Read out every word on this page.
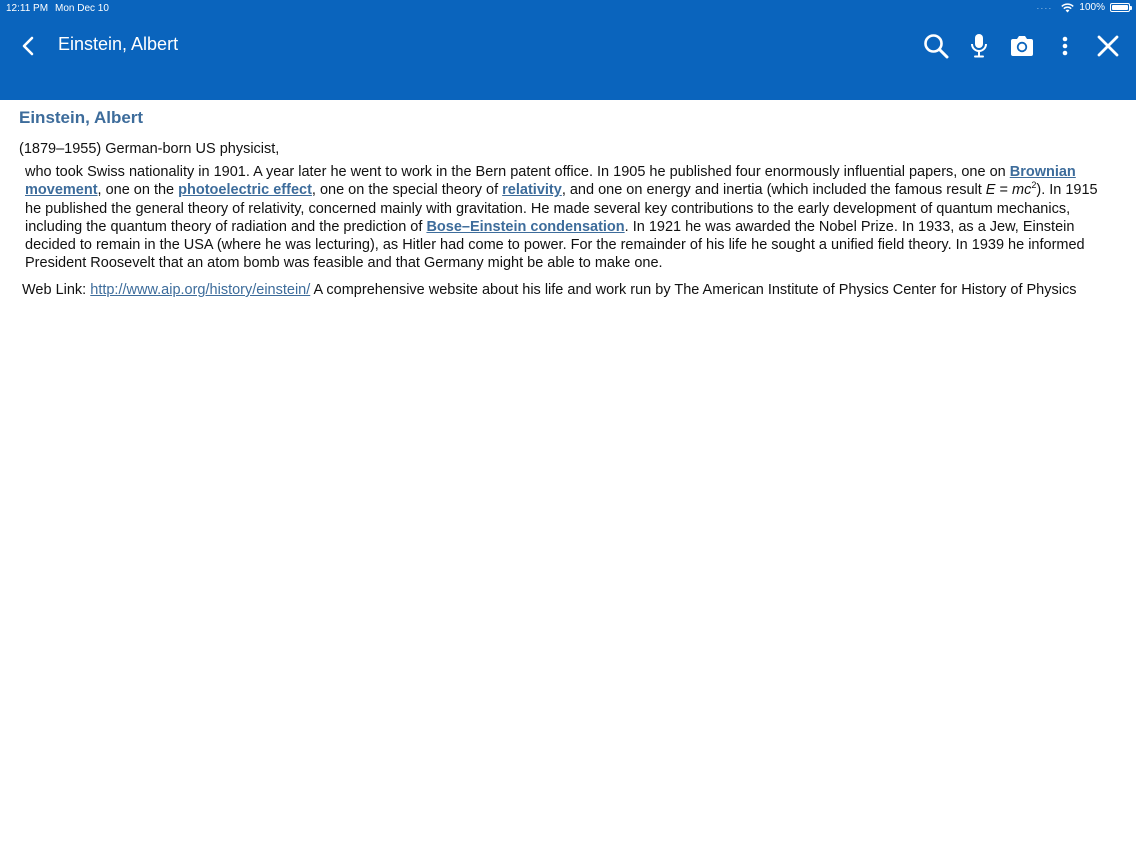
12:11 PM Mon Dec 10	····	100%
Einstein, Albert
Einstein, Albert
(1879–1955) German-born US physicist,
who took Swiss nationality in 1901. A year later he went to work in the Bern patent office. In 1905 he published four enormously influential papers, one on Brownian movement, one on the photoelectric effect, one on the special theory of relativity, and one on energy and inertia (which included the famous result $E = mc^2$). In 1915 he published the general theory of relativity, concerned mainly with gravitation. He made several key contributions to the early development of quantum mechanics, including the quantum theory of radiation and the prediction of Bose–Einstein condensation. In 1921 he was awarded the Nobel Prize. In 1933, as a Jew, Einstein decided to remain in the USA (where he was lecturing), as Hitler had come to power. For the remainder of his life he sought a unified field theory. In 1939 he informed President Roosevelt that an atom bomb was feasible and that Germany might be able to make one.
Web Link: http://www.aip.org/history/einstein/ A comprehensive website about his life and work run by The American Institute of Physics Center for History of Physics
